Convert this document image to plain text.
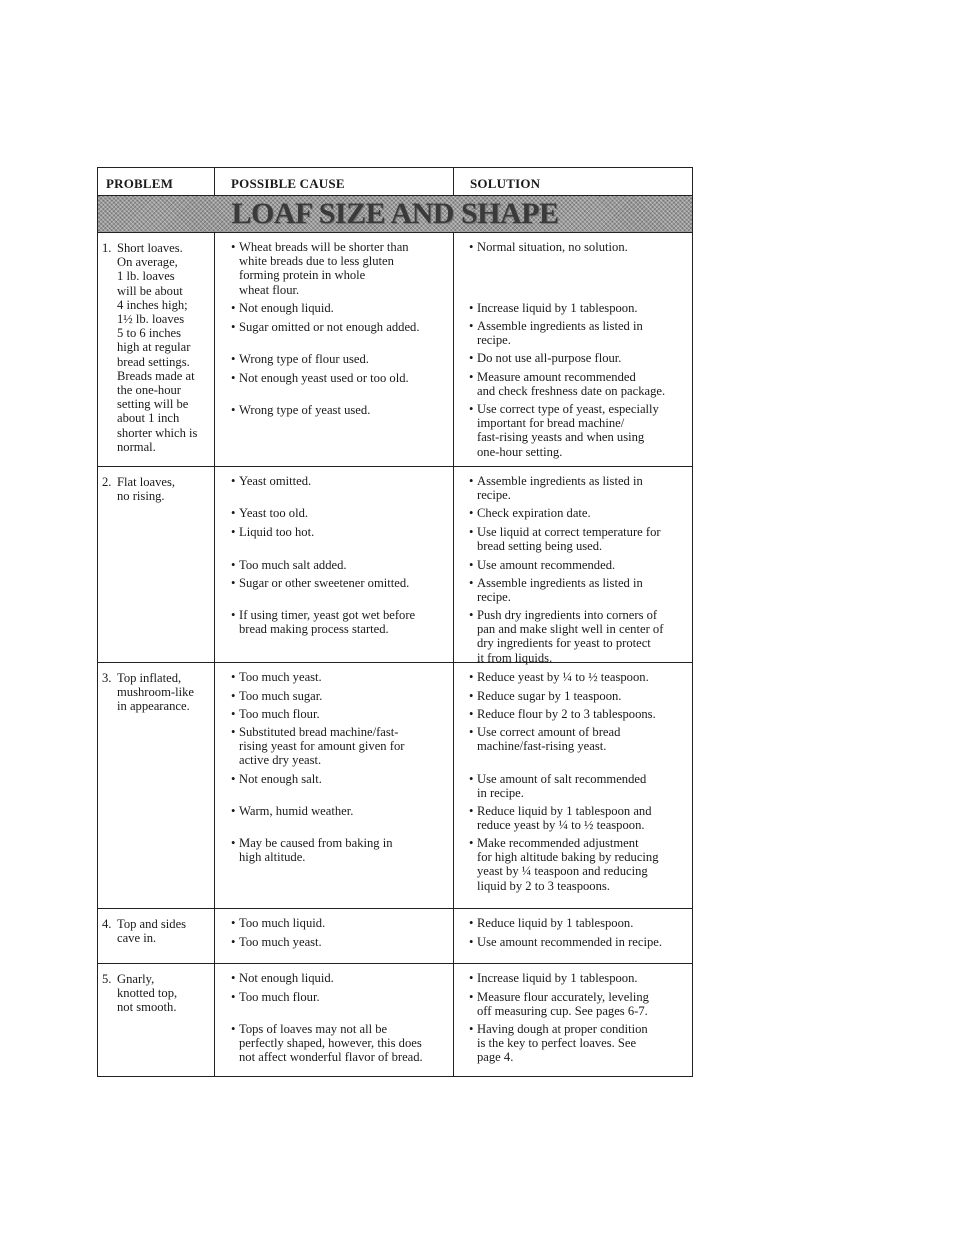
PROBLEM	POSSIBLE CAUSE	SOLUTION
LOAF SIZE AND SHAPE
1. Short loaves.
On average,
1 lb. loaves
will be about
4 inches high;
1½ lb. loaves
5 to 6 inches
high at regular
bread settings.
Breads made at
the one-hour
setting will be
about 1 inch
shorter which is
normal.
• Wheat breads will be shorter than
white breads due to less gluten
forming protein in whole
wheat flour.
• Not enough liquid.
• Sugar omitted or not enough added.
• Wrong type of flour used.
• Not enough yeast used or too old.
• Wrong type of yeast used.
• Normal situation, no solution.
• Increase liquid by 1 tablespoon.
• Assemble ingredients as listed in
recipe.
• Do not use all-purpose flour.
• Measure amount recommended
and check freshness date on package.
• Use correct type of yeast, especially
important for bread machine/
fast-rising yeasts and when using
one-hour setting.
2. Flat loaves,
no rising.
• Yeast omitted.
• Yeast too old.
• Liquid too hot.
• Too much salt added.
• Sugar or other sweetener omitted.
• If using timer, yeast got wet before
bread making process started.
• Assemble ingredients as listed in
recipe.
• Check expiration date.
• Use liquid at correct temperature for
bread setting being used.
• Use amount recommended.
• Assemble ingredients as listed in
recipe.
• Push dry ingredients into corners of
pan and make slight well in center of
dry ingredients for yeast to protect
it from liquids.
3. Top inflated,
mushroom-like
in appearance.
• Too much yeast.
• Too much sugar.
• Too much flour.
• Substituted bread machine/fast-
rising yeast for amount given for
active dry yeast.
• Not enough salt.
• Warm, humid weather.
• May be caused from baking in
high altitude.
• Reduce yeast by ¼ to ½ teaspoon.
• Reduce sugar by 1 teaspoon.
• Reduce flour by 2 to 3 tablespoons.
• Use correct amount of bread
machine/fast-rising yeast.
• Use amount of salt recommended
in recipe.
• Reduce liquid by 1 tablespoon and
reduce yeast by ¼ to ½ teaspoon.
• Make recommended adjustment
for high altitude baking by reducing
yeast by ¼ teaspoon and reducing
liquid by 2 to 3 teaspoons.
4. Top and sides
cave in.
• Too much liquid.
• Too much yeast.
• Reduce liquid by 1 tablespoon.
• Use amount recommended in recipe.
5. Gnarly,
knotted top,
not smooth.
• Not enough liquid.
• Too much flour.
• Tops of loaves may not all be
perfectly shaped, however, this does
not affect wonderful flavor of bread.
• Increase liquid by 1 tablespoon.
• Measure flour accurately, leveling
off measuring cup. See pages 6-7.
• Having dough at proper condition
is the key to perfect loaves. See
page 4.
